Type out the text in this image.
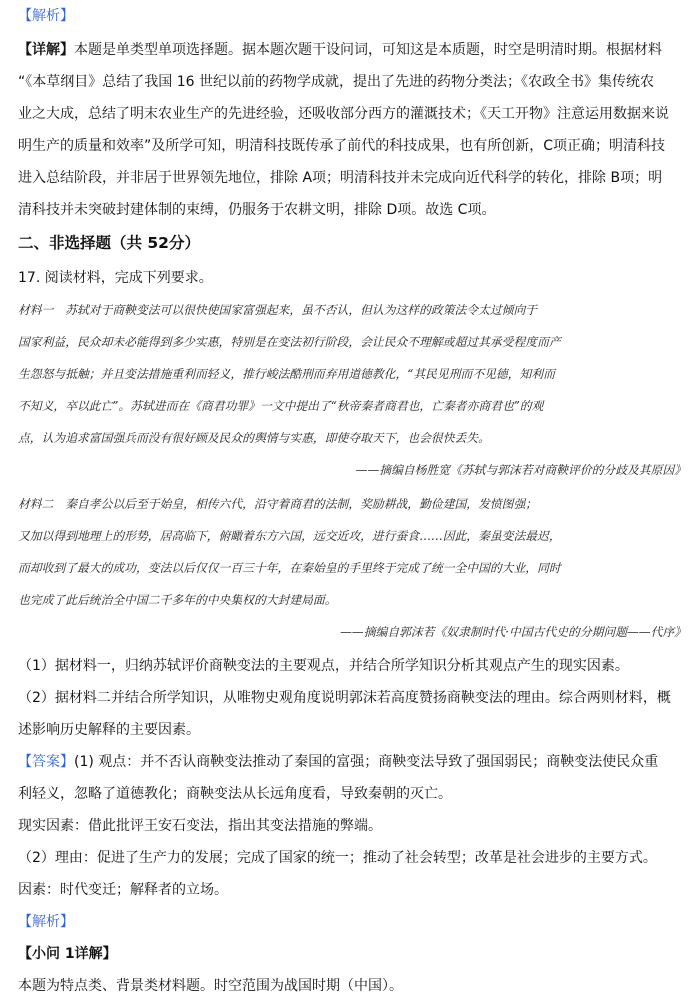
【解析】
【详解】本题是单类型单项选择题。据本题次题干设问词，可知这是本质题，时空是明清时期。根据材料
“《本草纲目》总结了我国 16 世纪以前的药物学成就，提出了先进的药物分类法；《农政全书》集传统农
业之大成，总结了明末农业生产的先进经验，还吸收部分西方的灌溉技术；《天工开物》注意运用数据来说
明生产的质量和效率”及所学可知，明清科技既传承了前代的科技成果，也有所创新，C项正确；明清科技
进入总结阶段，并非居于世界领先地位，排除 A项；明清科技并未完成向近代科学的转化，排除 B项；明
清科技并未突破封建体制的束缚，仍服务于农耕文明，排除 D项。故选 C项。
二、非选择题（共 52分）
17. 阅读材料，完成下列要求。
材料一　苏轼对于商鞅变法可以很快使国家富强起来，虽不否认，但认为这样的政策法令太过倾向于
国家利益，民众却未必能得到多少实惠，特别是在变法初行阶段，会让民众不理解或超过其承受程度而产
生怨怒与抵触；并且变法措施重利而轻义，推行峻法酷刑而弃用道德教化，“其民见刑而不见德，知利而
不知义，卒以此亡”。苏轼进而在《商君功罪》一文中提出了“秋帝秦者商君也，亡秦者亦商君也”的观
点，认为追求富国强兵而没有很好顾及民众的舆情与实惠，即使夺取天下，也会很快丢失。
——摘编自杨胜宽《苏轼与郭沫若对商鞅评价的分歧及其原因》
材料二　秦自孝公以后至于始皇，相传六代，沿守着商君的法制，奖励耕战，勤俭建国，发愤图强；
又加以得到地理上的形势，居高临下，俯瞰着东方六国，远交近攻，进行蚕食……因此，秦虽变法最迟，
而却收到了最大的成功，变法以后仅仅一百三十年，在秦始皇的手里终于完成了统一全中国的大业，同时
也完成了此后统治全中国二千多年的中央集权的大封建局面。
——摘编自郭沫若《奴隶制时代·中国古代史的分期问题——代序》
（1）据材料一，归纳苏轼评价商鞅变法的主要观点，并结合所学知识分析其观点产生的现实因素。
（2）据材料二并结合所学知识，从唯物史观角度说明郭沫若高度赞扬商鞅变法的理由。综合两则材料，概
述影响历史解释的主要因素。
【答案】(1) 观点：并不否认商鞅变法推动了秦国的富强；商鞅变法导致了强国弱民；商鞅变法使民众重
利轻义，忽略了道德教化；商鞅变法从长远角度看，导致秦朝的灭亡。
现实因素：借此批评王安石变法，指出其变法措施的弊端。
（2）理由：促进了生产力的发展；完成了国家的统一；推动了社会转型；改革是社会进步的主要方式。
因素：时代变迁；解释者的立场。
【解析】
【小问 1详解】
本题为特点类、背景类材料题。时空范围为战国时期（中国）。
